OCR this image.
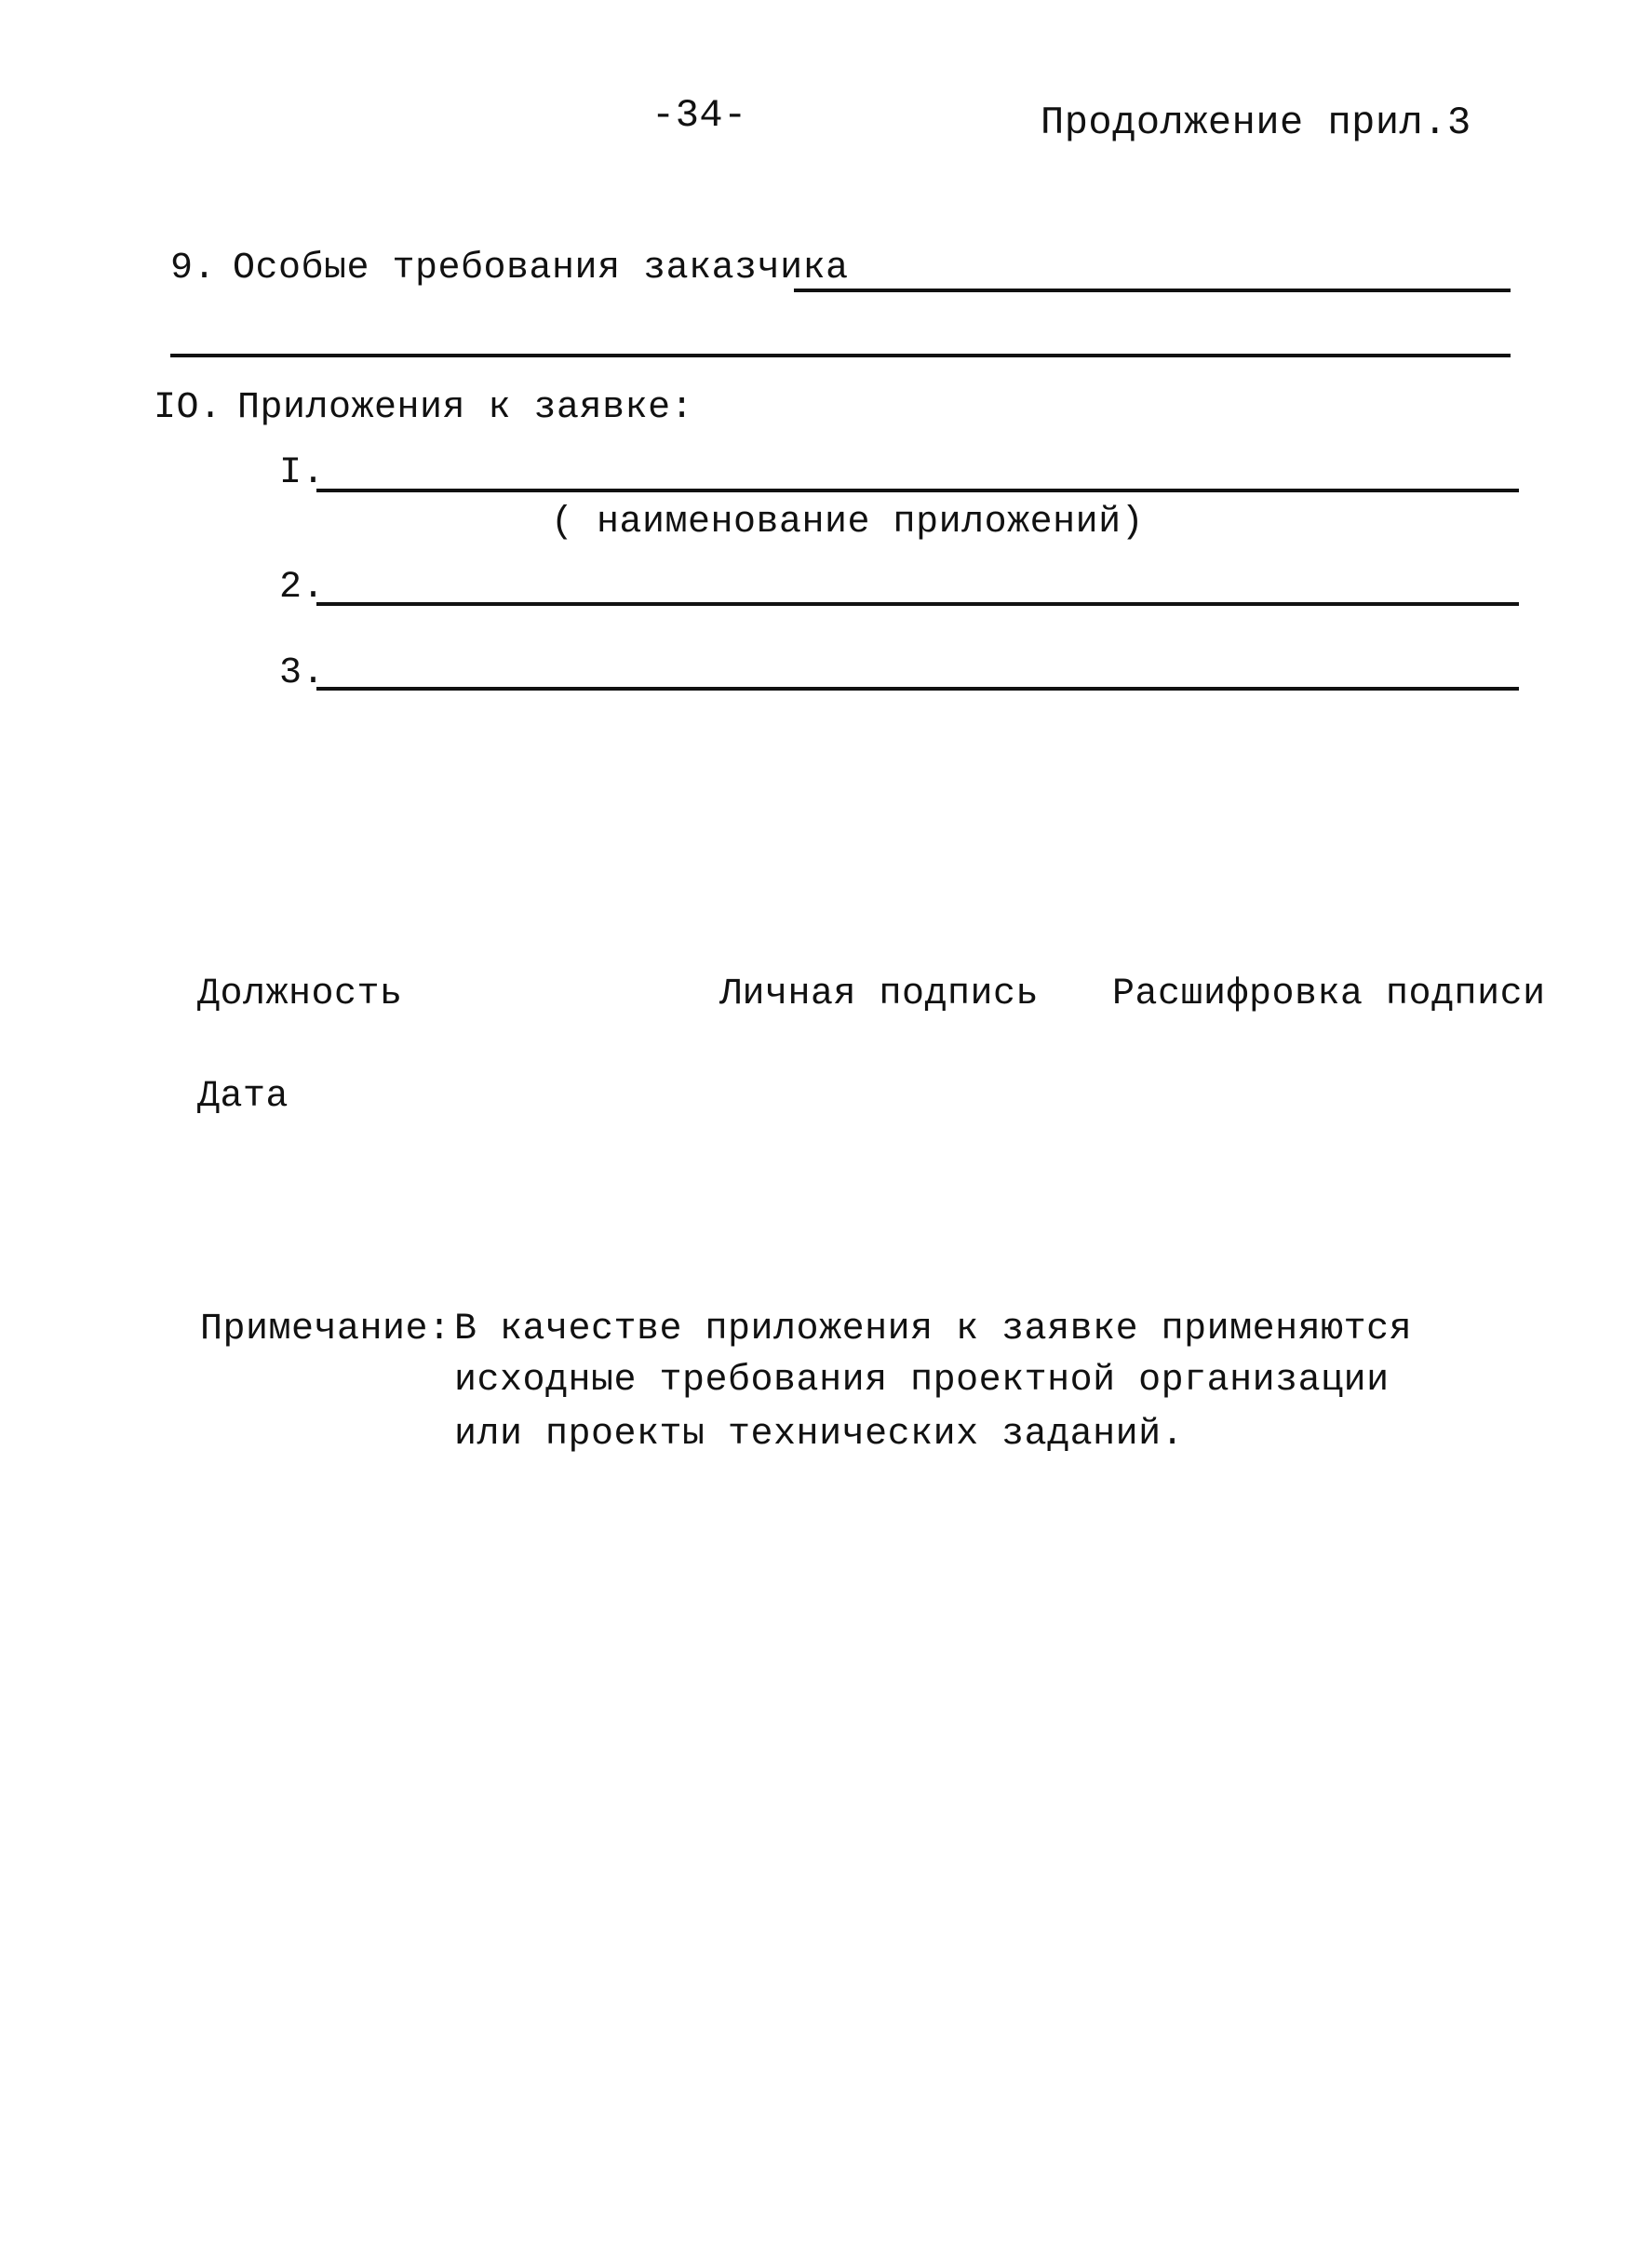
-34-	Продолжение прил.3
9. Особые требования заказчика
IO. Приложения к заявке:
I.
( наименование приложений)
2.
3.
Должность	Личная подпись Расшифровка подписи
Дата
Примечание: В качестве приложения к заявке применяются
исходные требования проектной организации
или проекты технических заданий.
